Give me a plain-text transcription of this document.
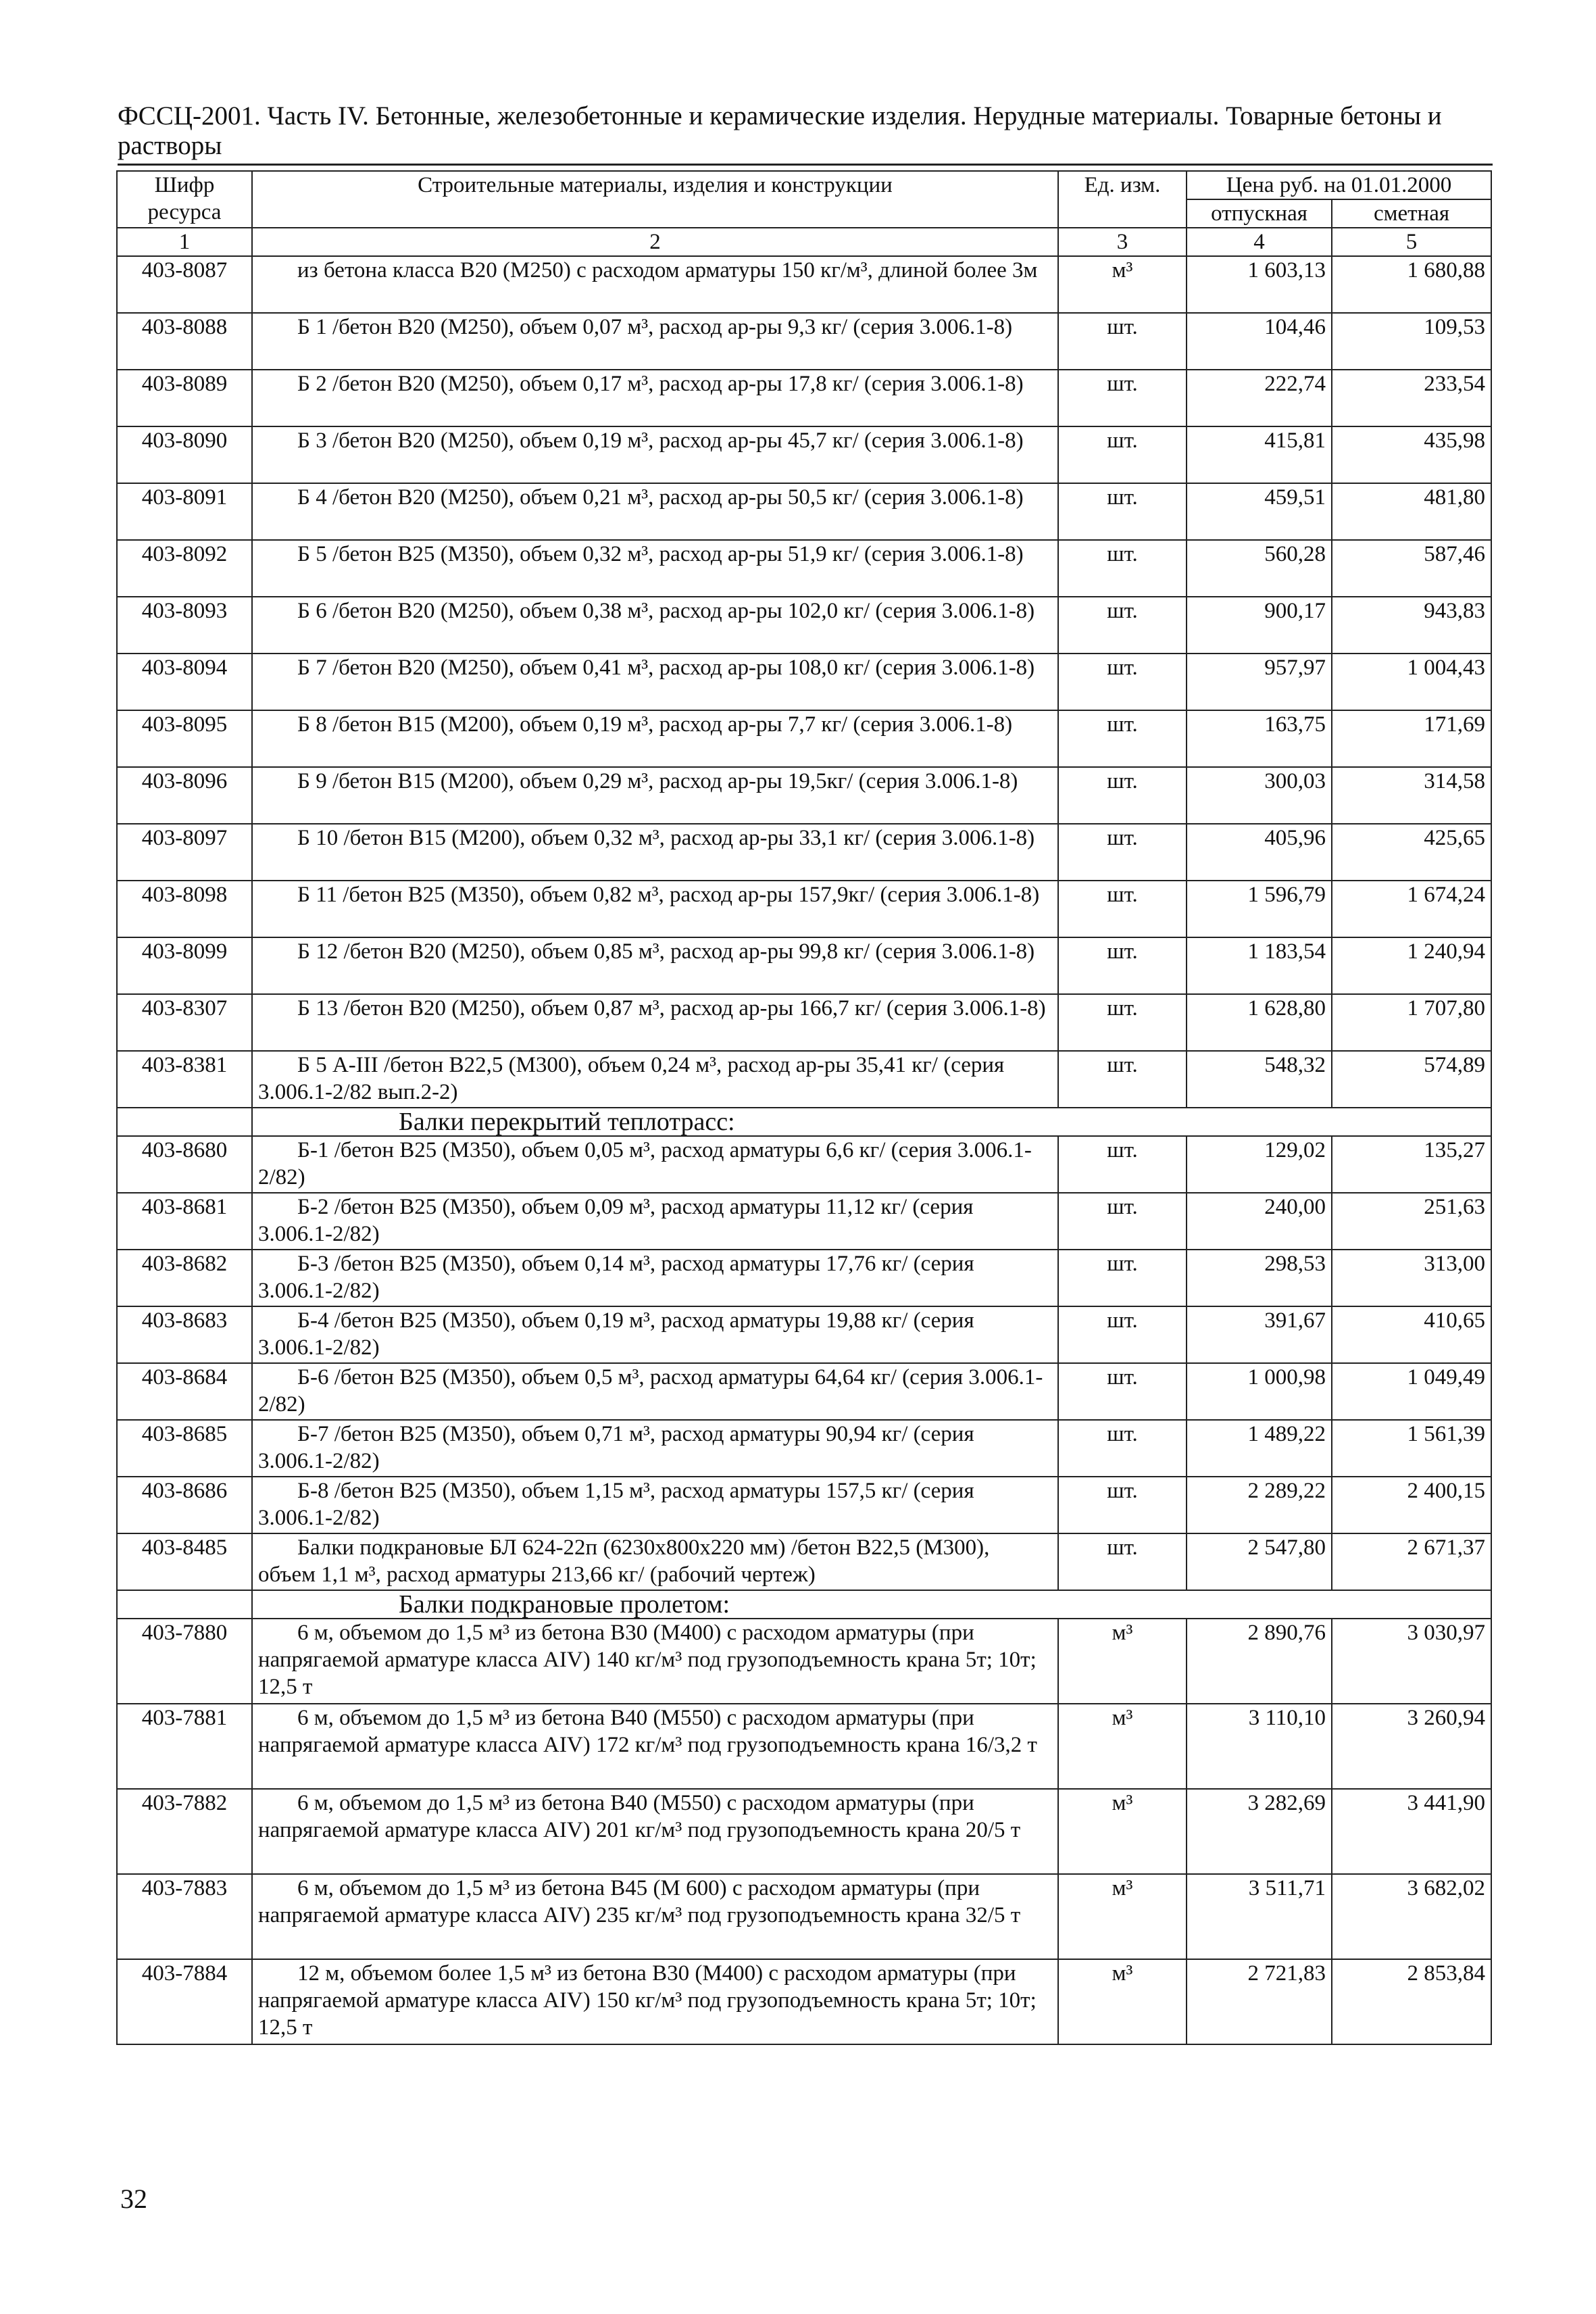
ФССЦ-2001. Часть IV. Бетонные, железобетонные и керамические изделия. Нерудные материалы. Товарные бетоны и растворы
Шифр ресурса	Строительные материалы, изделия и конструкции	Ед. изм.	Цена руб. на 01.01.2000	
			отпускная	сметная
1	2	3	4	5
403-8087	из бетона класса В20 (М250) с расходом арматуры 150 кг/м³, длиной более 3м	м³	1 603,13	1 680,88
403-8088	Б 1 /бетон В20 (М250), объем 0,07 м³, расход ар-ры 9,3 кг/ (серия 3.006.1-8)	шт.	104,46	109,53
403-8089	Б 2 /бетон В20 (М250), объем 0,17 м³, расход ар-ры 17,8 кг/ (серия 3.006.1-8)	шт.	222,74	233,54
403-8090	Б 3 /бетон В20 (М250), объем 0,19 м³, расход ар-ры 45,7 кг/ (серия 3.006.1-8)	шт.	415,81	435,98
403-8091	Б 4 /бетон В20 (М250), объем 0,21 м³, расход ар-ры 50,5 кг/ (серия 3.006.1-8)	шт.	459,51	481,80
403-8092	Б 5 /бетон В25 (М350), объем 0,32 м³, расход ар-ры 51,9 кг/ (серия 3.006.1-8)	шт.	560,28	587,46
403-8093	Б 6 /бетон В20 (М250), объем 0,38 м³, расход ар-ры 102,0 кг/ (серия 3.006.1-8)	шт.	900,17	943,83
403-8094	Б 7 /бетон В20 (М250), объем 0,41 м³, расход ар-ры 108,0 кг/ (серия 3.006.1-8)	шт.	957,97	1 004,43
403-8095	Б 8 /бетон В15 (М200), объем 0,19 м³, расход ар-ры 7,7 кг/ (серия 3.006.1-8)	шт.	163,75	171,69
403-8096	Б 9 /бетон В15 (М200), объем 0,29 м³, расход ар-ры 19,5кг/ (серия 3.006.1-8)	шт.	300,03	314,58
403-8097	Б 10 /бетон В15 (М200), объем 0,32 м³, расход ар-ры 33,1 кг/ (серия 3.006.1-8)	шт.	405,96	425,65
403-8098	Б 11 /бетон В25 (М350), объем 0,82 м³, расход ар-ры 157,9кг/ (серия 3.006.1-8)	шт.	1 596,79	1 674,24
403-8099	Б 12 /бетон В20 (М250), объем 0,85 м³, расход ар-ры 99,8 кг/ (серия 3.006.1-8)	шт.	1 183,54	1 240,94
403-8307	Б 13 /бетон В20 (М250), объем 0,87 м³, расход ар-ры 166,7 кг/ (серия 3.006.1-8)	шт.	1 628,80	1 707,80
403-8381	Б 5 А-III /бетон В22,5 (М300), объем 0,24 м³, расход ар-ры 35,41 кг/ (серия 3.006.1-2/82 вып.2-2)	шт.	548,32	574,89
	Балки перекрытий теплотрасс:			
403-8680	Б-1 /бетон В25 (М350), объем 0,05 м³, расход арматуры 6,6 кг/ (серия 3.006.1-2/82)	шт.	129,02	135,27
403-8681	Б-2 /бетон В25 (М350), объем 0,09 м³, расход арматуры 11,12 кг/ (серия 3.006.1-2/82)	шт.	240,00	251,63
403-8682	Б-3 /бетон В25 (М350), объем 0,14 м³, расход арматуры 17,76 кг/ (серия 3.006.1-2/82)	шт.	298,53	313,00
403-8683	Б-4 /бетон В25 (М350), объем 0,19 м³, расход арматуры 19,88 кг/ (серия 3.006.1-2/82)	шт.	391,67	410,65
403-8684	Б-6 /бетон В25 (М350), объем 0,5 м³, расход арматуры 64,64 кг/ (серия 3.006.1-2/82)	шт.	1 000,98	1 049,49
403-8685	Б-7 /бетон В25 (М350), объем 0,71 м³, расход арматуры 90,94 кг/ (серия 3.006.1-2/82)	шт.	1 489,22	1 561,39
403-8686	Б-8 /бетон В25 (М350), объем 1,15 м³, расход арматуры 157,5 кг/ (серия 3.006.1-2/82)	шт.	2 289,22	2 400,15
403-8485	Балки подкрановые БЛ 624-22п (6230х800х220 мм) /бетон В22,5 (М300), объем 1,1 м³, расход арматуры 213,66 кг/ (рабочий чертеж)	шт.	2 547,80	2 671,37
	Балки подкрановые пролетом:			
403-7880	6 м, объемом до 1,5 м³ из бетона В30 (М400) с расходом арматуры (при напрягаемой арматуре класса AIV) 140 кг/м³ под грузоподъемность крана 5т; 10т; 12,5 т	м³	2 890,76	3 030,97
403-7881	6 м, объемом до 1,5 м³ из бетона В40 (М550) с расходом арматуры (при напрягаемой арматуре класса AIV) 172 кг/м³ под грузоподъемность крана 16/3,2 т	м³	3 110,10	3 260,94
403-7882	6 м, объемом до 1,5 м³ из бетона В40 (М550) с расходом арматуры (при напрягаемой арматуре класса AIV) 201 кг/м³ под грузоподъемность крана 20/5 т	м³	3 282,69	3 441,90
403-7883	6 м, объемом до 1,5 м³ из бетона В45 (М 600) с расходом арматуры (при напрягаемой арматуре класса AIV) 235 кг/м³ под грузоподъемность крана 32/5 т	м³	3 511,71	3 682,02
403-7884	12 м, объемом более 1,5 м³ из бетона В30 (М400) с расходом арматуры (при напрягаемой арматуре класса AIV) 150 кг/м³ под грузоподъемность крана 5т; 10т; 12,5 т	м³	2 721,83	2 853,84
32
